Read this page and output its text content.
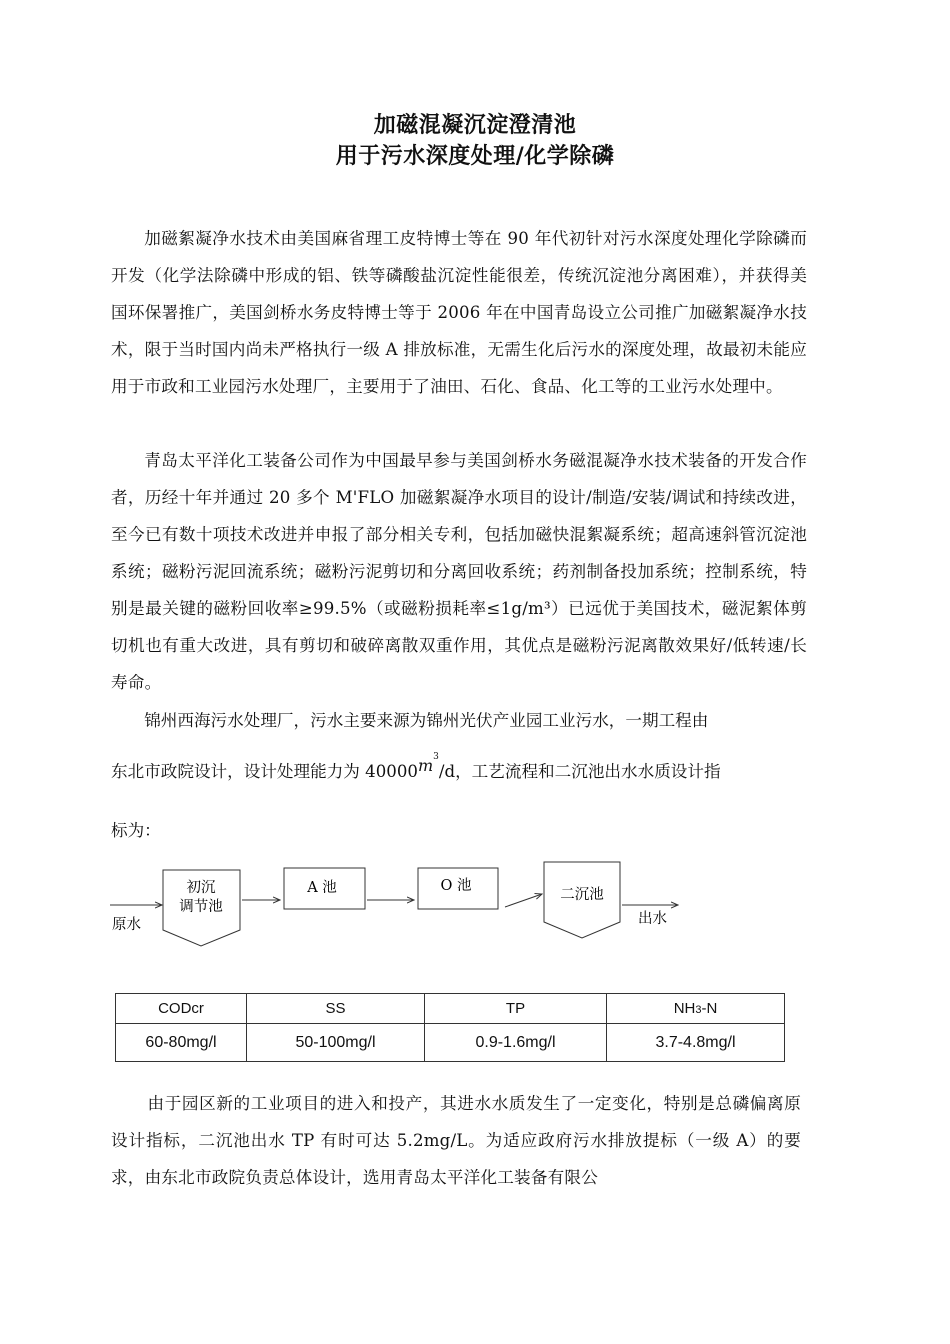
加磁混凝沉淀澄清池
用于污水深度处理/化学除磷

加磁絮凝净水技术由美国麻省理工皮特博士等在 90 年代初针对污水深度处理化学除磷而开发（化学法除磷中形成的铝、铁等磷酸盐沉淀性能很差，传统沉淀池分离困难），并获得美国环保署推广，美国剑桥水务皮特博士等于 2006 年在中国青岛设立公司推广加磁絮凝净水技术，限于当时国内尚未严格执行一级 A 排放标准，无需生化后污水的深度处理，故最初未能应用于市政和工业园污水处理厂，主要用于了油田、石化、食品、化工等的工业污水处理中。

青岛太平洋化工装备公司作为中国最早参与美国剑桥水务磁混凝净水技术装备的开发合作者，历经十年并通过 20 多个 M'FLO 加磁絮凝净水项目的设计/制造/安装/调试和持续改进，至今已有数十项技术改进并申报了部分相关专利，包括加磁快混絮凝系统；超高速斜管沉淀池系统；磁粉污泥回流系统；磁粉污泥剪切和分离回收系统；药剂制备投加系统；控制系统，特别是最关键的磁粉回收率≥99.5%（或磁粉损耗率≤1g/m³）已远优于美国技术，磁泥絮体剪切机也有重大改进，具有剪切和破碎离散双重作用，其优点是磁粉污泥离散效果好/低转速/长寿命。

锦州西海污水处理厂，污水主要来源为锦州光伏产业园工业污水，一期工程由

东北市政院设计，设计处理能力为 $40000m^3/d$，工艺流程和二沉池出水水质设计指

标为：

原水
初沉
调节池
A 池	O 池
二沉池
出水
CODcr	SS	TP	NH3-N
60-80mg/l	50-100mg/l	0.9-1.6mg/l	3.7-4.8mg/l

由于园区新的工业项目的进入和投产，其进水水质发生了一定变化，特别是总磷偏离原设计指标，二沉池出水 TP 有时可达 5.2mg/L。为适应政府污水排放提标（一级 A）的要求，由东北市政院负责总体设计，选用青岛太平洋化工装备有限公
